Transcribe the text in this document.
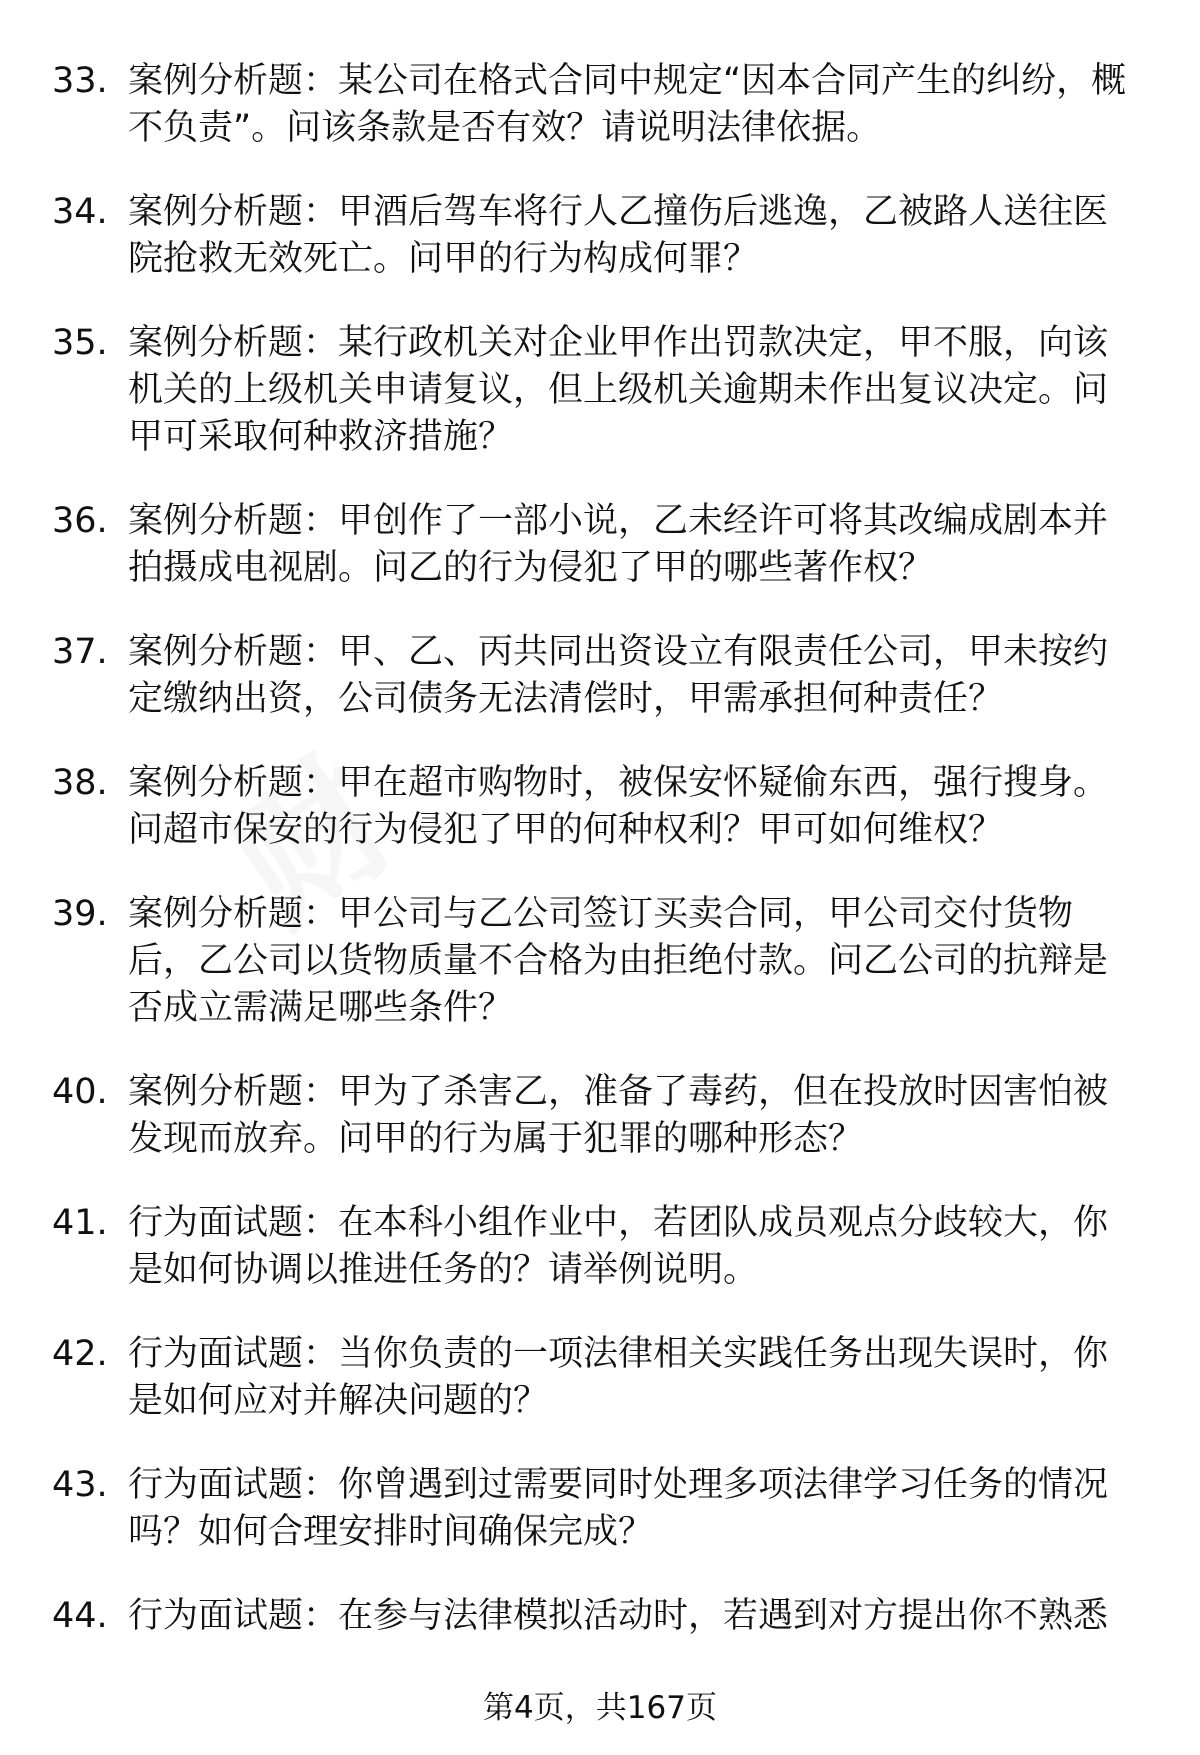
33. 案例分析题：某公司在格式合同中规定“因本合同产生的纠纷，概不负责”。问该条款是否有效？请说明法律依据。
34. 案例分析题：甲酒后驾车将行人乙撞伤后逃逸，乙被路人送往医院抢救无效死亡。问甲的行为构成何罪？
35. 案例分析题：某行政机关对企业甲作出罚款决定，甲不服，向该机关的上级机关申请复议，但上级机关逾期未作出复议决定。问甲可采取何种救济措施？
36. 案例分析题：甲创作了一部小说，乙未经许可将其改编成剧本并拍摄成电视剧。问乙的行为侵犯了甲的哪些著作权？
37. 案例分析题：甲、乙、丙共同出资设立有限责任公司，甲未按约定缴纳出资，公司债务无法清偿时，甲需承担何种责任？
38. 案例分析题：甲在超市购物时，被保安怀疑偷东西，强行搜身。问超市保安的行为侵犯了甲的何种权利？甲可如何维权？
39. 案例分析题：甲公司与乙公司签订买卖合同，甲公司交付货物后，乙公司以货物质量不合格为由拒绝付款。问乙公司的抗辩是否成立需满足哪些条件？
40. 案例分析题：甲为了杀害乙，准备了毒药，但在投放时因害怕被发现而放弃。问甲的行为属于犯罪的哪种形态？
41. 行为面试题：在本科小组作业中，若团队成员观点分歧较大，你是如何协调以推进任务的？请举例说明。
42. 行为面试题：当你负责的一项法律相关实践任务出现失误时，你是如何应对并解决问题的？
43. 行为面试题：你曾遇到过需要同时处理多项法律学习任务的情况吗？如何合理安排时间确保完成？
44. 行为面试题：在参与法律模拟活动时，若遇到对方提出你不熟悉
第4页，共167页
